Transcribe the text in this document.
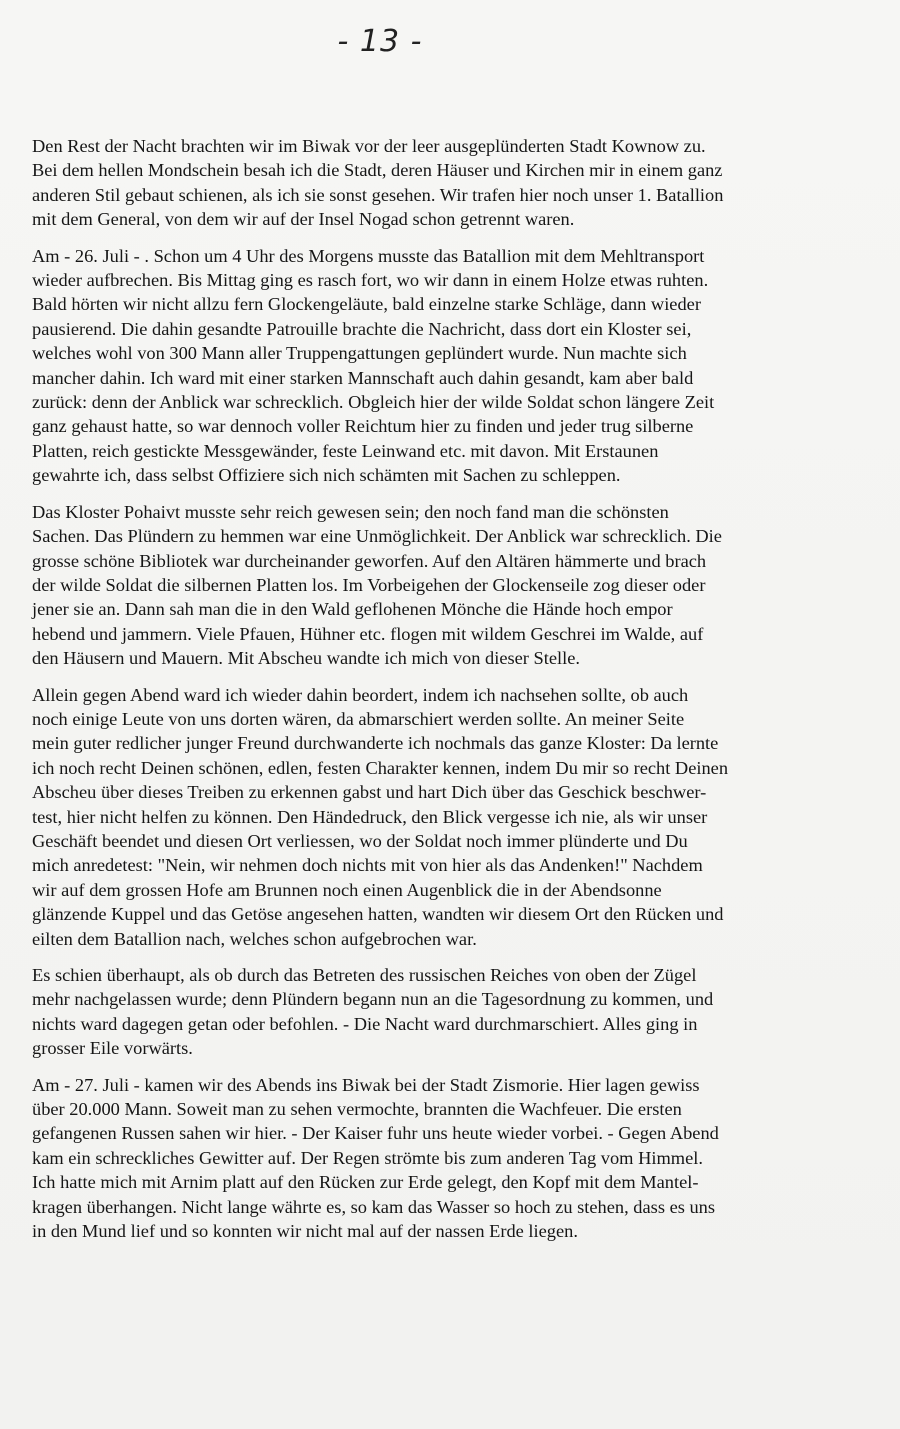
- 13 -
Den Rest der Nacht brachten wir im Biwak vor der leer ausgeplünderten Stadt Kownow zu.
Bei dem hellen Mondschein besah ich die Stadt, deren Häuser und Kirchen mir in einem ganz
anderen Stil gebaut schienen, als ich sie sonst gesehen. Wir trafen hier noch unser 1. Batallion
mit dem General, von dem wir auf der Insel Nogad schon getrennt waren.
Am - 26. Juli - . Schon um 4 Uhr des Morgens musste das Batallion mit dem Mehltransport
wieder aufbrechen. Bis Mittag ging es rasch fort, wo wir dann in einem Holze etwas ruhten.
Bald hörten wir nicht allzu fern Glockengeläute, bald einzelne starke Schläge, dann wieder
pausierend. Die dahin gesandte Patrouille brachte die Nachricht, dass dort ein Kloster sei,
welches wohl von 300 Mann aller Truppengattungen geplündert wurde. Nun machte sich
mancher dahin. Ich ward mit einer starken Mannschaft auch dahin gesandt, kam aber bald
zurück: denn der Anblick war schrecklich. Obgleich hier der wilde Soldat schon längere Zeit
ganz gehaust hatte, so war dennoch voller Reichtum hier zu finden und jeder trug silberne
Platten, reich gestickte Messgewänder, feste Leinwand etc. mit davon. Mit Erstaunen
gewahrte ich, dass selbst Offiziere sich nich schämten mit Sachen zu schleppen.
Das Kloster Pohaivt musste sehr reich gewesen sein; den noch fand man die schönsten
Sachen. Das Plündern zu hemmen war eine Unmöglichkeit. Der Anblick war schrecklich. Die
grosse schöne Bibliotek war durcheinander geworfen. Auf den Altären hämmerte und brach
der wilde Soldat die silbernen Platten los. Im Vorbeigehen der Glockenseile zog dieser oder
jener sie an. Dann sah man die in den Wald geflohenen Mönche die Hände hoch empor
hebend und jammern. Viele Pfauen, Hühner etc. flogen mit wildem Geschrei im Walde, auf
den Häusern und Mauern. Mit Abscheu wandte ich mich von dieser Stelle.
Allein gegen Abend ward ich wieder dahin beordert, indem ich nachsehen sollte, ob auch
noch einige Leute von uns dorten wären, da abmarschiert werden sollte. An meiner Seite
mein guter redlicher junger Freund durchwanderte ich nochmals das ganze Kloster: Da lernte
ich noch recht Deinen schönen, edlen, festen Charakter kennen, indem Du mir so recht Deinen
Abscheu über dieses Treiben zu erkennen gabst und hart Dich über das Geschick beschwer-
test, hier nicht helfen zu können. Den Händedruck, den Blick vergesse ich nie, als wir unser
Geschäft beendet und diesen Ort verliessen, wo der Soldat noch immer plünderte und Du
mich anredetest: "Nein, wir nehmen doch nichts mit von hier als das Andenken!" Nachdem
wir auf dem grossen Hofe am Brunnen noch einen Augenblick die in der Abendsonne
glänzende Kuppel und das Getöse angesehen hatten, wandten wir diesem Ort den Rücken und
eilten dem Batallion nach, welches schon aufgebrochen war.
Es schien überhaupt, als ob durch das Betreten des russischen Reiches von oben der Zügel
mehr nachgelassen wurde; denn Plündern begann nun an die Tagesordnung zu kommen, und
nichts ward dagegen getan oder befohlen. - Die Nacht ward durchmarschiert. Alles ging in
grosser Eile vorwärts.
Am - 27. Juli - kamen wir des Abends ins Biwak bei der Stadt Zismorie. Hier lagen gewiss
über 20.000 Mann. Soweit man zu sehen vermochte, brannten die Wachfeuer. Die ersten
gefangenen Russen sahen wir hier. - Der Kaiser fuhr uns heute wieder vorbei. - Gegen Abend
kam ein schreckliches Gewitter auf. Der Regen strömte bis zum anderen Tag vom Himmel.
Ich hatte mich mit Arnim platt auf den Rücken zur Erde gelegt, den Kopf mit dem Mantel-
kragen überhangen. Nicht lange währte es, so kam das Wasser so hoch zu stehen, dass es uns
in den Mund lief und so konnten wir nicht mal auf der nassen Erde liegen.
